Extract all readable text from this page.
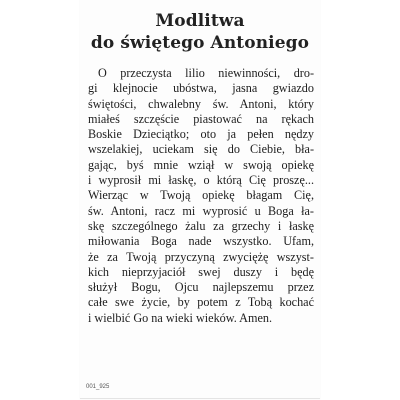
Modlitwa
do świętego Antoniego
O przeczysta lilio niewinności, dro-
gi klejnocie ubóstwa, jasna gwiazdo
świętości, chwalebny św. Antoni, który
miałeś szczęście piastować na rękach
Boskie Dzieciątko; oto ja pełen nędzy
wszelakiej, uciekam się do Ciebie, bła-
gając, byś mnie wziął w swoją opiekę
i wyprosił mi łaskę, o którą Cię proszę...
Wierząc w Twoją opiekę błagam Cię,
św. Antoni, racz mi wyprosić u Boga ła-
skę szczególnego żalu za grzechy i łaskę
miłowania Boga nade wszystko. Ufam,
że za Twoją przyczyną zwyciężę wszyst-
kich nieprzyjaciół swej duszy i będę
służył Bogu, Ojcu najlepszemu przez
całe swe życie, by potem z Tobą kochać
i wielbić Go na wieki wieków. Amen.

001_925
